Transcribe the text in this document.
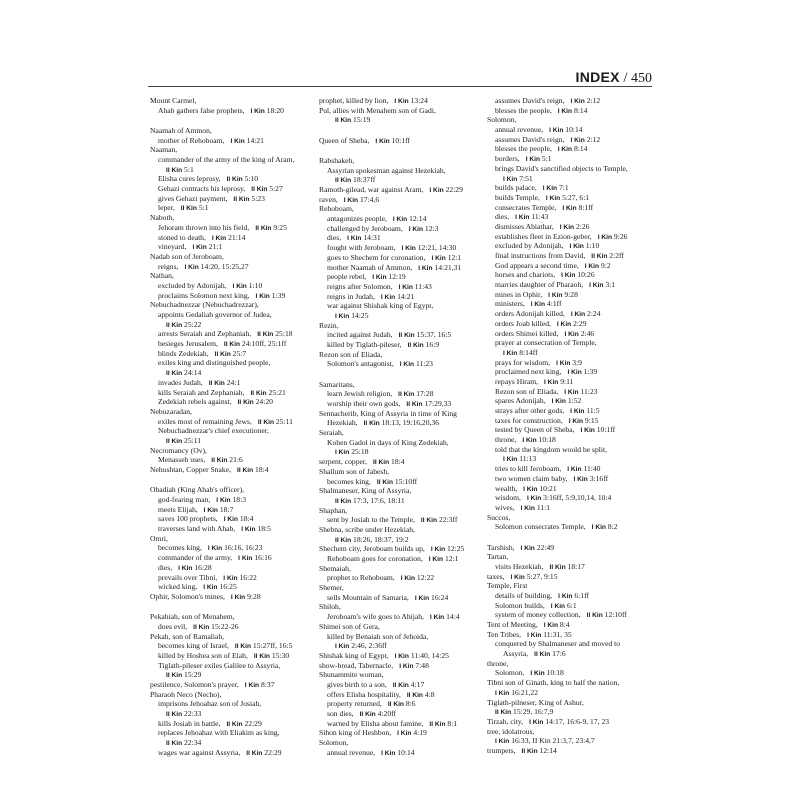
INDEX / 450
Mount Carmel,
Ahab gathers false prophets, I Kin 18:20
Naamah of Ammon,
mother of Rehoboam, I Kin 14:21
Naaman,
commander of the army of the king of Aram,
II Kin 5:1
Elisha cures leprosy, II Kin 5:10
Gehazi contracts his leprosy, II Kin 5:27
gives Gehazi payment, II Kin 5:23
leper, II Kin 5:1
Naboth,
Jehoram thrown into his field, II Kin 9:25
stoned to death, I Kin 21:14
vineyard, I Kin 21:1
Nadab son of Jeroboam,
reigns, I Kin 14:20, 15:25,27
Nathan,
excluded by Adonijah, I Kin 1:10
proclaims Solomon next king, I Kin 1:39
Nebuchadnezzar (Nebuchadrezzar),
appoints Gedaliah governor of Judea,
II Kin 25:22
arrests Seraiah and Zephaniah, II Kin 25:18
besieges Jerusalem, II Kin 24:10ff, 25:1ff
blinds Zedekiah, II Kin 25:7
exiles king and distinguished people,
II Kin 24:14
invades Judah, II Kin 24:1
kills Seraiah and Zephaniah, II Kin 25:21
Zedekiah rebels against, II Kin 24:20
Nebuzaradan,
exiles most of remaining Jews, II Kin 25:11
Nebuchadnezzar's chief executioner,
II Kin 25:11
Necromancy (Ov),
Menasseh uses, II Kin 21:6
Nehushtan, Copper Snake, II Kin 18:4
Obadiah (King Ahab's officer),
god-fearing man, I Kin 18:3
meets Elijah, I Kin 18:7
saves 100 prophets, I Kin 18:4
traverses land with Ahab, I Kin 18:5
Omri,
becomes king, I Kin 16:16, 16:23
commander of the army, I Kin 16:16
dies, I Kin 16:28
prevails over Tibni, I Kin 16:22
wicked king, I Kin 16:25
Ophir, Solomon's mines, I Kin 9:28
Pekahiah, son of Menahem,
does evil, II Kin 15:22-26
Pekah, son of Ramaliah,
becomes king of Israel, II Kin 15:27ff, 16:5
killed by Hoshea son of Elah, II Kin 15:30
Tiglath-pileser exiles Galilee to Assyria,
II Kin 15:29
pestilence, Solomon's prayer, I Kin 8:37
Pharaoh Neco (Necho),
imprisons Jehoahaz son of Josiah,
II Kin 22:33
kills Josiah in battle, II Kin 22:29
replaces Jehoahaz with Eliakim as king,
II Kin 22:34
wages war against Assyria, II Kin 22:29
prophet, killed by lion, I Kin 13:24
Pul, allies with Menahem son of Gadi,
II Kin 15:19
Queen of Sheba, I Kin 10:1ff
Rabshakeh,
Assyrian spokesman against Hezekiah,
II Kin 18:37ff
Ramoth-gilead, war against Aram, I Kin 22:29
raven, I Kin 17:4,6
Rehoboam,
antagonizes people, I Kin 12:14
challenged by Jeroboam, I Kin 12:3
dies, I Kin 14:31
fought with Jeroboam, I Kin 12:21, 14:30
goes to Shechem for coronation, I Kin 12:1
mother Naamah of Ammon, I Kin 14:21,31
people rebel, I Kin 12:19
reigns after Solomon, I Kin 11:43
reigns in Judah, I Kin 14:21
war against Shishak king of Egypt,
I Kin 14:25
Rezin,
incited against Judah, II Kin 15:37, 16:5
killed by Tiglath-pileser, II Kin 16:9
Rezon son of Eliada,
Solomon's antagonist, I Kin 11:23
Samaritans,
learn Jewish religion, II Kin 17:28
worship their own gods, II Kin 17:29,33
Sennacherib, King of Assyria in time of King
Hezekiah, II Kin 18:13, 19:16,20,36
Seraiah,
Kohen Gadol in days of King Zedekiah,
I Kin 25:18
serpent, copper, II Kin 18:4
Shallum son of Jabesh,
becomes king, II Kin 15:10ff
Shalmaneser, King of Assyria,
II Kin 17:3, 17:6, 18:11
Shaphan,
sent by Josiah to the Temple, II Kin 22:3ff
Shebna, scribe under Hezekiah,
II Kin 18:26, 18:37, 19:2
Shechem city, Jeroboam builds up, I Kin 12:25
Rehoboam goes for coronation, I Kin 12:1
Shemaiah,
prophet to Rehoboam, I Kin 12:22
Shemer,
sells Mountain of Samaria, I Kin 16:24
Shiloh,
Jeroboam's wife goes to Ahijah, I Kin 14:4
Shimei son of Gera,
killed by Benaiah son of Jehoida,
I Kin 2:46, 2:36ff
Shishak king of Egypt, I Kin 11:40, 14:25
show-bread, Tabernacle, I Kin 7:48
Shunammite woman,
gives birth to a son, II Kin 4:17
offers Elisha hospitality, II Kin 4:8
property returned, II Kin 8:6
son dies, II Kin 4:20ff
warned by Elisha about famine, II Kin 8:1
Sihon king of Heshbon, I Kin 4:19
Solomon,
annual revenue, I Kin 10:14
assumes David's reign, I Kin 2:12
blesses the people, I Kin 8:14
Solomon,
annual revenue, I Kin 10:14
assumes David's reign, I Kin 2:12
blesses the people, I Kin 8:14
borders, I Kin 5:1
brings David's sanctified objects to Temple,
I Kin 7:51
builds palace, I Kin 7:1
builds Temple, I Kin 5:27, 6:1
consecrates Temple, I Kin 8:1ff
dies, I Kin 11:43
dismisses Abiathar, I Kin 2:26
establishes fleet in Ezion-geber, I Kin 9:26
excluded by Adonijah, I Kin 1:10
final instructions from David, II Kin 2:2ff
God appears a second time, I Kin 9:2
horses and chariots, I Kin 10:26
marries daughter of Pharaoh, I Kin 3:1
mines in Ophir, I Kin 9:28
ministers, I Kin 4:1ff
orders Adonijah killed, I Kin 2:24
orders Joab killed, I Kin 2:29
orders Shimei killed, I Kin 2:46
prayer at consecration of Temple,
I Kin 8:14ff
prays for wisdom, I Kin 3:9
proclaimed next king, I Kin 1:39
repays Hiram, I Kin 9:11
Rezon son of Eliada, I Kin 11:23
spares Adonijah, I Kin 1:52
strays after other gods, I Kin 11:5
taxes for construction, I Kin 9:15
tested by Queen of Sheba, I Kin 10:1ff
throne, I Kin 10:18
told that the kingdom would be split,
I Kin 11:13
tries to kill Jeroboam, I Kin 11:40
two women claim baby, I Kin 3:16ff
wealth, I Kin 10:21
wisdom, I Kin 3:16ff, 5:9,10,14, 10:4
wives, I Kin 11:1
Succos,
Solomon consecrates Temple, I Kin 8:2
Tarshish, I Kin 22:49
Tartan,
visits Hezekiah, II Kin 18:17
taxes, I Kin 5:27, 9:15
Temple, First
details of building, I Kin 6:1ff
Solomon builds, I Kin 6:1
system of money collection, II Kin 12:10ff
Tent of Meeting, I Kin 8:4
Ten Tribes, I Kin 11:31, 35
conquered by Shalmaneser and moved to
Assyria, II Kin 17:6
throne,
Solomon, I Kin 10:18
Tibni son of Ginath, king to half the nation,
I Kin 16:21,22
Tiglath-pilneser, King of Ashur,
II Kin 15:29, 16:7,9
Tirzah, city, I Kin 14:17, 16:6-9, 17, 23
tree, idolatrous,
I Kin 16:33, II Kin 21:3,7, 23:4,7
trumpets, II Kin 12:14
